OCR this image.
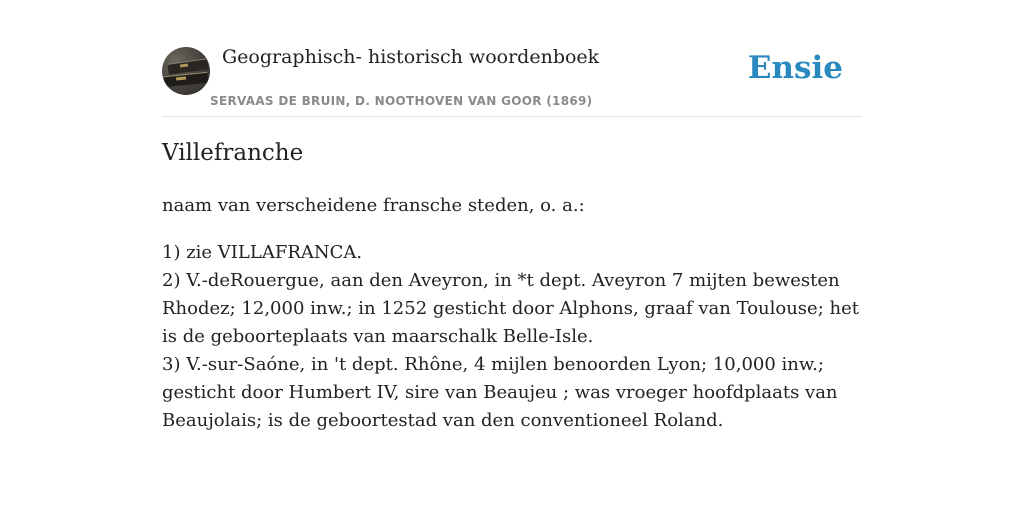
Geographisch- historisch woordenboek
SERVAAS DE BRUIN, D. NOOTHOVEN VAN GOOR (1869)
Ensie
Villefranche

naam van verscheidene fransche steden, o. a.:

1) zie VILLAFRANCA.

2) V.-deRouergue, aan den Aveyron, in *t dept. Aveyron 7 mijten bewesten Rhodez; 12,000 inw.; in 1252 gesticht door Alphons, graaf van Toulouse; het is de geboorteplaats van maarschalk Belle-Isle.

3) V.-sur-Saóne, in 't dept. Rhône, 4 mijlen benoorden Lyon; 10,000 inw.; gesticht door Humbert IV, sire van Beaujeu ; was vroeger hoofdplaats van Beaujolais; is de geboortestad van den conventioneel Roland.
